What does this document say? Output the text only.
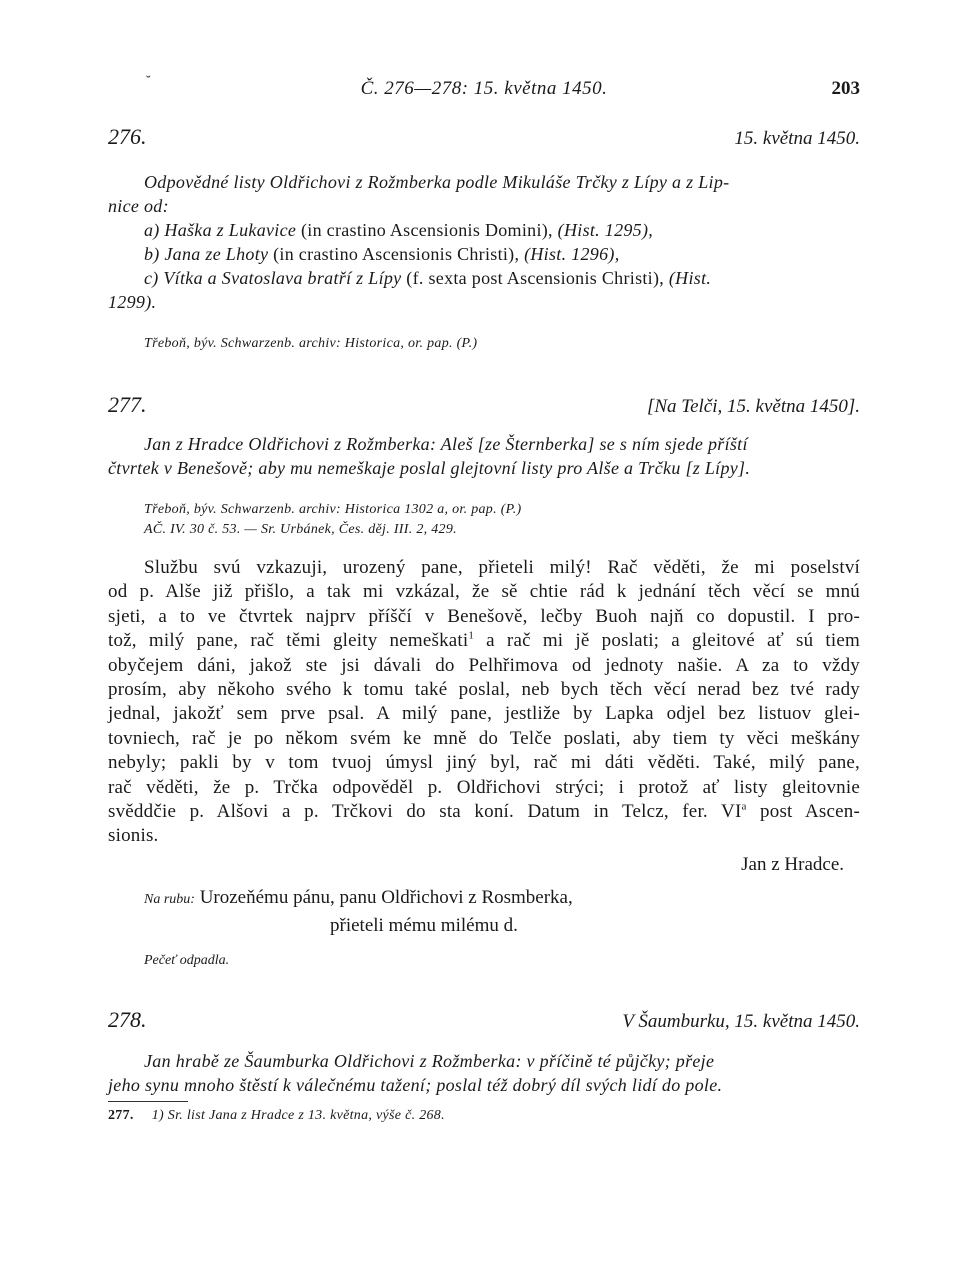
˘	Č. 276—278: 15. května 1450.	203
276.	15. května 1450.
Odpovědné listy Oldřichovi z Rožmberka podle Mikuláše Trčky z Lípy a z Lip-
nice od:
a) Haška z Lukavice (in crastino Ascensionis Domini), (Hist. 1295),
b) Jana ze Lhoty (in crastino Ascensionis Christi), (Hist. 1296),
c) Vítka a Svatoslava bratří z Lípy (f. sexta post Ascensionis Christi), (Hist.
1299).
Třeboň, býv. Schwarzenb. archiv: Historica, or. pap. (P.)
277.	[Na Telči, 15. května 1450].
Jan z Hradce Oldřichovi z Rožmberka: Aleš [ze Šternberka] se s ním sjede příští
čtvrtek v Benešově; aby mu nemeškaje poslal glejtovní listy pro Alše a Trčku [z Lípy].
Třeboň, býv. Schwarzenb. archiv: Historica 1302 a, or. pap. (P.)
AČ. IV. 30 č. 53. — Sr. Urbánek, Čes. děj. III. 2, 429.
Službu svú vzkazuji, urozený pane, přieteli milý! Rač věděti, že mi poselství
od p. Alše již přišlo, a tak mi vzkázal, že sě chtie rád k jednání těch věcí se mnú
sjeti, a to ve čtvrtek najprv příščí v Benešově, lečby Buoh najň co dopustil. I pro-
tož, milý pane, rač těmi gleity nemeškati$^1$ a rač mi jě poslati; a gleitové ať sú tiem
obyčejem dáni, jakož ste jsi dávali do Pelhřimova od jednoty našie. A za to vždy
prosím, aby někoho svého k tomu také poslal, neb bych těch věcí nerad bez tvé rady
jednal, jakožť sem prve psal. A milý pane, jestliže by Lapka odjel bez listuov glei-
tovniech, rač je po někom svém ke mně do Telče poslati, aby tiem ty věci meškány
nebyly; pakli by v tom tvuoj úmysl jiný byl, rač mi dáti věděti. Také, milý pane,
rač věděti, že p. Trčka odpověděl p. Oldřichovi strýci; i protož ať listy gleitovnie
svěddčie p. Alšovi a p. Trčkovi do sta koní. Datum in Telcz, fer. $VI^a$ post Ascen-
sionis.
Jan z Hradce.
Na rubu: Urozeňému pánu, panu Oldřichovi z Rosmberka,
přieteli mému milému d.
Pečeť odpadla.
278.	V Šaumburku, 15. května 1450.
Jan hrabě ze Šaumburka Oldřichovi z Rožmberka: v příčině té půjčky; přeje
jeho synu mnoho štěstí k válečnému tažení; poslal též dobrý díl svých lidí do pole.
277. 1) Sr. list Jana z Hradce z 13. května, výše č. 268.
